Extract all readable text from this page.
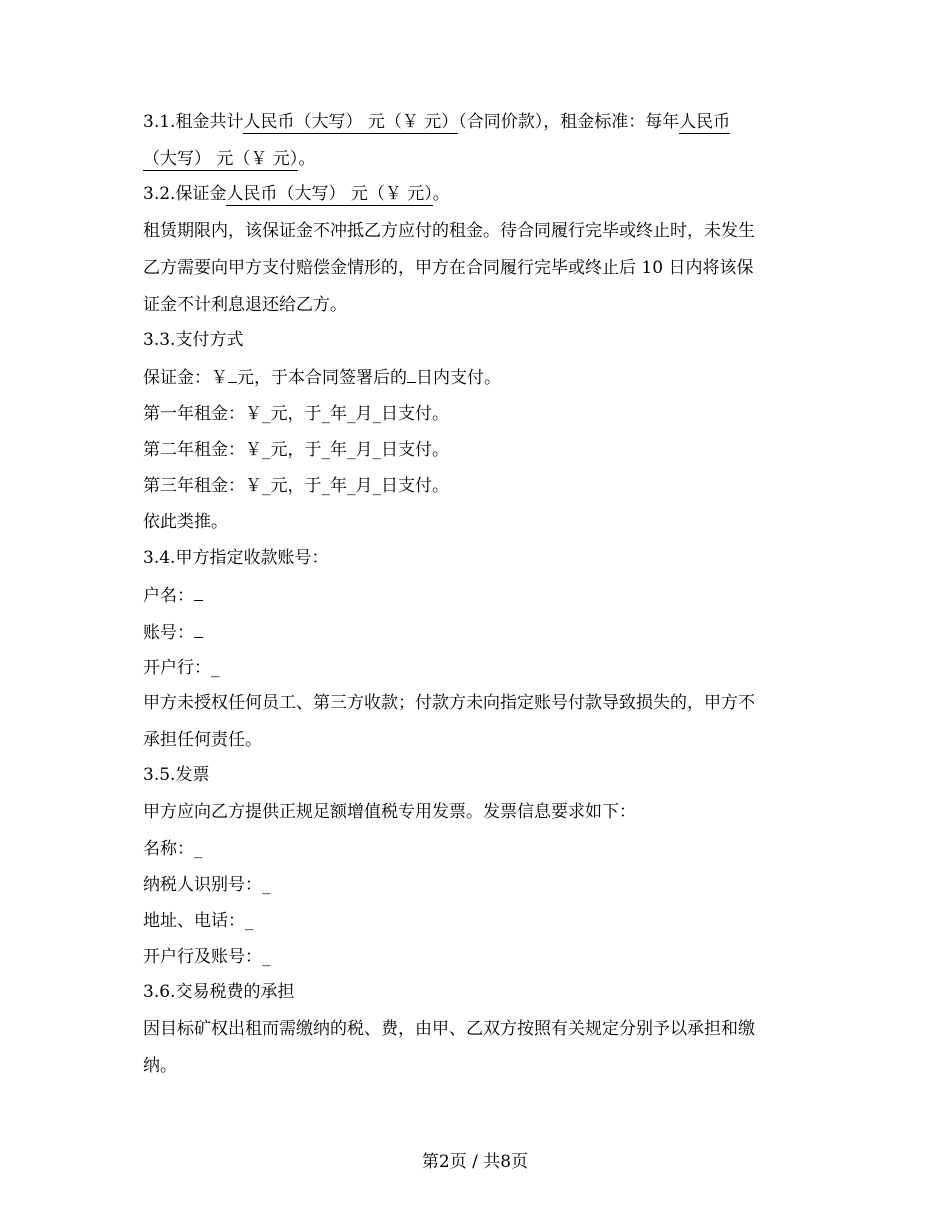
3.1.租金共计人民币（大写） 元（￥ 元）（合同价款），租金标准：每年人民币
（大写） 元（￥ 元）。
3.2.保证金人民币（大写） 元（￥ 元）。
租赁期限内，该保证金不冲抵乙方应付的租金。待合同履行完毕或终止时，未发生
乙方需要向甲方支付赔偿金情形的，甲方在合同履行完毕或终止后 10 日内将该保
证金不计利息退还给乙方。
3.3.支付方式
保证金：￥ 元，于本合同签署后的 日内支付。
第一年租金：￥_元，于_年_月_日支付。
第二年租金：￥_元，于_年_月_日支付。
第三年租金：￥_元，于_年_月_日支付。
依此类推。
3.4.甲方指定收款账号：
户名：
账号：
开户行：_
甲方未授权任何员工、第三方收款；付款方未向指定账号付款导致损失的，甲方不
承担任何责任。
3.5.发票
甲方应向乙方提供正规足额增值税专用发票。发票信息要求如下：
名称：_
纳税人识别号：_
地址、电话：_
开户行及账号：_
3.6.交易税费的承担
因目标矿权出租而需缴纳的税、费，由甲、乙双方按照有关规定分别予以承担和缴
纳。
第2页 / 共8页
